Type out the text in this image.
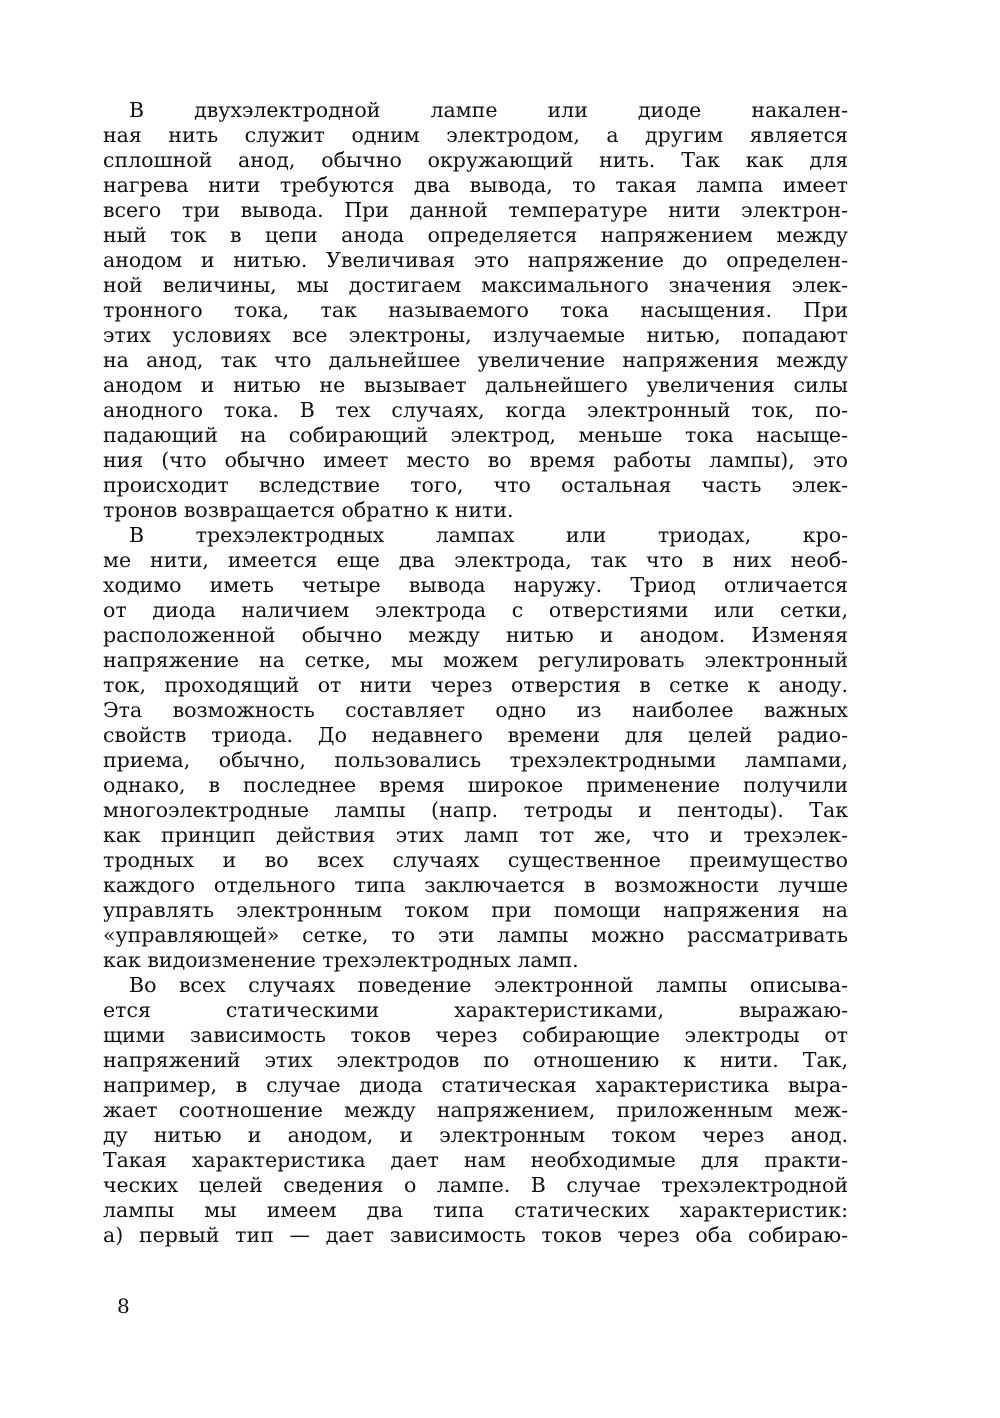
В двухэлектродной лампе или диоде накален-
ная нить служит одним электродом, а другим является
сплошной анод, обычно окружающий нить. Так как для
нагрева нити требуются два вывода, то такая лампа имеет
всего три вывода. При данной температуре нити электрон-
ный ток в цепи анода определяется напряжением между
анодом и нитью. Увеличивая это напряжение до определен-
ной величины, мы достигаем максимального значения элек-
тронного тока, так называемого тока насыщения. При
этих условиях все электроны, излучаемые нитью, попадают
на анод, так что дальнейшее увеличение напряжения между
анодом и нитью не вызывает дальнейшего увеличения силы
анодного тока. В тех случаях, когда электронный ток, по-
падающий на собирающий электрод, меньше тока насыще-
ния (что обычно имеет место во время работы лампы), это
происходит вследствие того, что остальная часть элек-
тронов возвращается обратно к нити.
В трехэлектродных лампах или триодах, кро-
ме нити, имеется еще два электрода, так что в них необ-
ходимо иметь четыре вывода наружу. Триод отличается
от диода наличием электрода с отверстиями или сетки,
расположенной обычно между нитью и анодом. Изменяя
напряжение на сетке, мы можем регулировать электронный
ток, проходящий от нити через отверстия в сетке к аноду.
Эта возможность составляет одно из наиболее важных
свойств триода. До недавнего времени для целей радио-
приема, обычно, пользовались трехэлектродными лампами,
однако, в последнее время широкое применение получили
многоэлектродные лампы (напр. тетроды и пентоды). Так
как принцип действия этих ламп тот же, что и трехэлек-
тродных и во всех случаях существенное преимущество
каждого отдельного типа заключается в возможности лучше
управлять электронным током при помощи напряжения на
«управляющей» сетке, то эти лампы можно рассматривать
как видоизменение трехэлектродных ламп.
Во всех случаях поведение электронной лампы описыва-
ется статическими характеристиками, выражаю-
щими зависимость токов через собирающие электроды от
напряжений этих электродов по отношению к нити. Так,
например, в случае диода статическая характеристика выра-
жает соотношение между напряжением, приложенным меж-
ду нитью и анодом, и электронным током через анод.
Такая характеристика дает нам необходимые для практи-
ческих целей сведения о лампе. В случае трехэлектродной
лампы мы имеем два типа статических характеристик:
а) первый тип — дает зависимость токов через оба собираю-
8
